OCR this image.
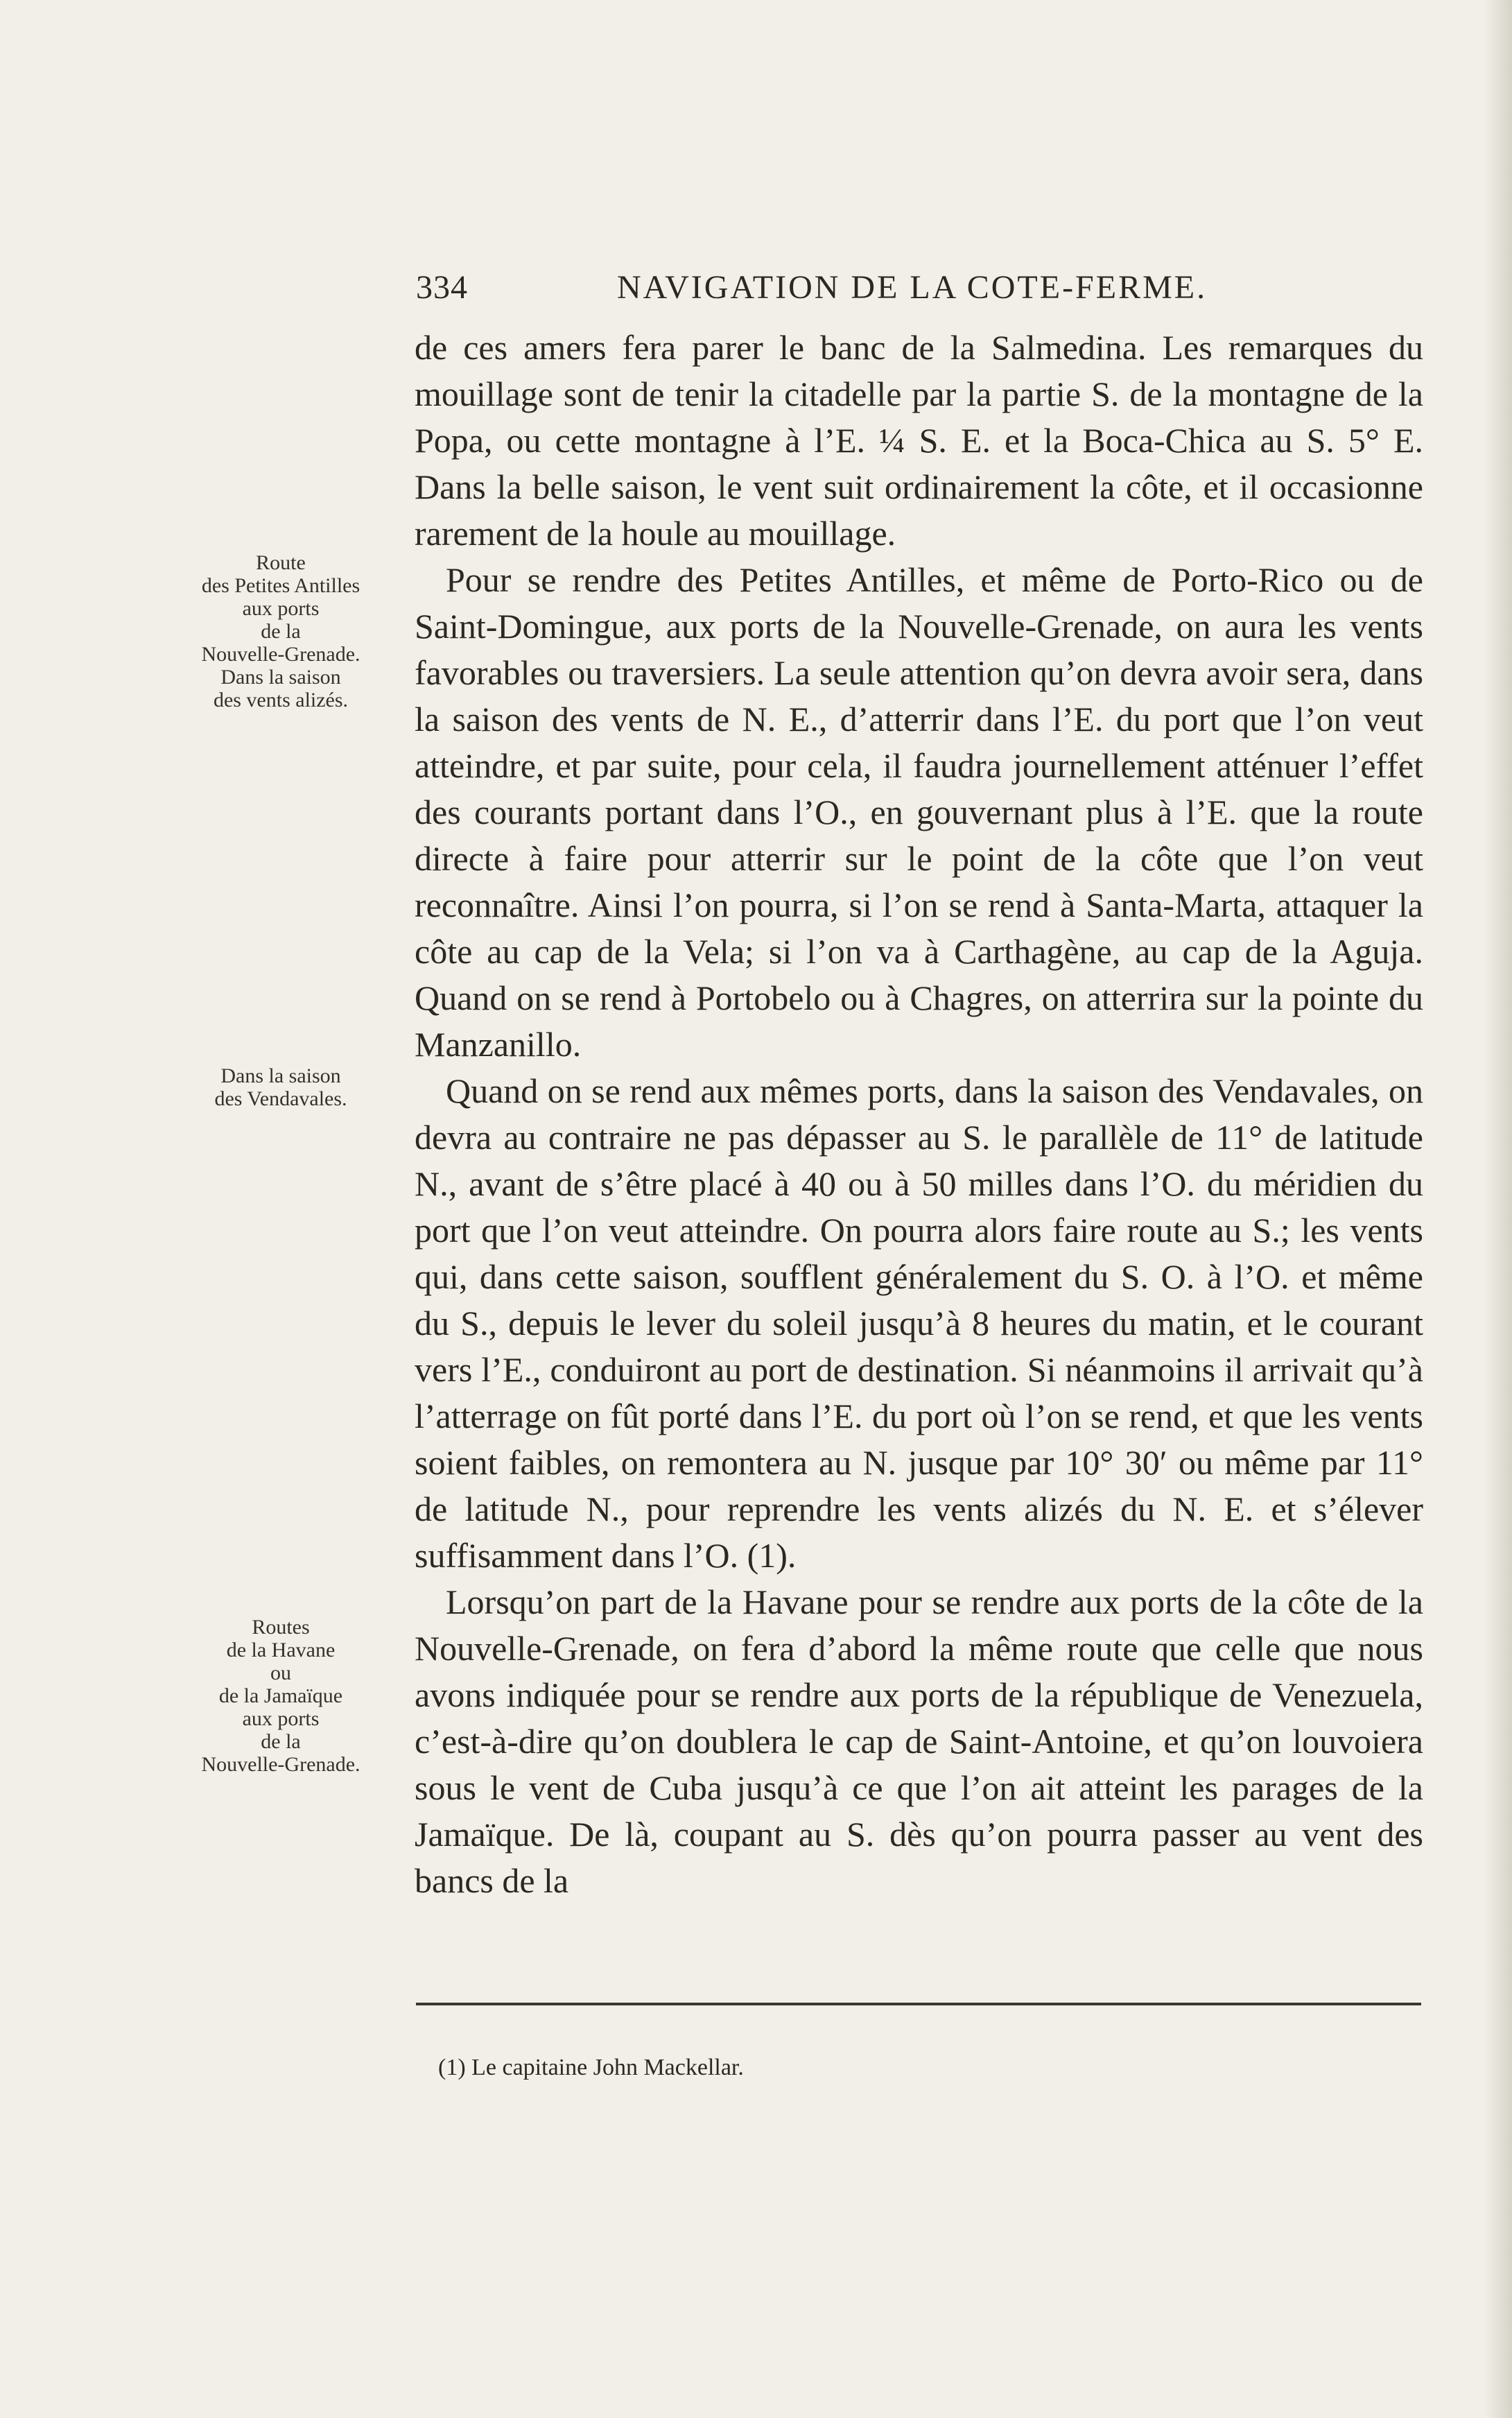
334	NAVIGATION DE LA COTE-FERME.
Route
des Petites Antilles
aux ports
de la
Nouvelle-Grenade.
Dans la saison
des vents alizés.
Dans la saison
des Vendavales.
Routes
de la Havane
ou
de la Jamaïque
aux ports
de la
Nouvelle-Grenade.

de ces amers fera parer le banc de la Salmedina. Les remarques du mouillage sont de tenir la citadelle par la partie S. de la montagne de la Popa, ou cette montagne à l’E. ¼ S. E. et la Boca-Chica au S. 5° E. Dans la belle saison, le vent suit ordinairement la côte, et il occasionne rarement de la houle au mouillage.

Pour se rendre des Petites Antilles, et même de Porto-Rico ou de Saint-Domingue, aux ports de la Nouvelle-Grenade, on aura les vents favorables ou traversiers. La seule attention qu’on devra avoir sera, dans la saison des vents de N. E., d’atterrir dans l’E. du port que l’on veut atteindre, et par suite, pour cela, il faudra journellement atténuer l’effet des courants portant dans l’O., en gouvernant plus à l’E. que la route directe à faire pour atterrir sur le point de la côte que l’on veut reconnaître. Ainsi l’on pourra, si l’on se rend à Santa-Marta, attaquer la côte au cap de la Vela; si l’on va à Carthagène, au cap de la Aguja. Quand on se rend à Portobelo ou à Chagres, on atterrira sur la pointe du Manzanillo.

Quand on se rend aux mêmes ports, dans la saison des Vendavales, on devra au contraire ne pas dépasser au S. le parallèle de 11° de latitude N., avant de s’être placé à 40 ou à 50 milles dans l’O. du méridien du port que l’on veut atteindre. On pourra alors faire route au S.; les vents qui, dans cette saison, soufflent généralement du S. O. à l’O. et même du S., depuis le lever du soleil jusqu’à 8 heures du matin, et le courant vers l’E., conduiront au port de destination. Si néanmoins il arrivait qu’à l’atterrage on fût porté dans l’E. du port où l’on se rend, et que les vents soient faibles, on remontera au N. jusque par 10° 30′ ou même par 11° de latitude N., pour reprendre les vents alizés du N. E. et s’élever suffisamment dans l’O. (1).

Lorsqu’on part de la Havane pour se rendre aux ports de la côte de la Nouvelle-Grenade, on fera d’abord la même route que celle que nous avons indiquée pour se rendre aux ports de la république de Venezuela, c’est-à-dire qu’on doublera le cap de Saint-Antoine, et qu’on louvoiera sous le vent de Cuba jusqu’à ce que l’on ait atteint les parages de la Jamaïque. De là, coupant au S. dès qu’on pourra passer au vent des bancs de la

(1) Le capitaine John Mackellar.
